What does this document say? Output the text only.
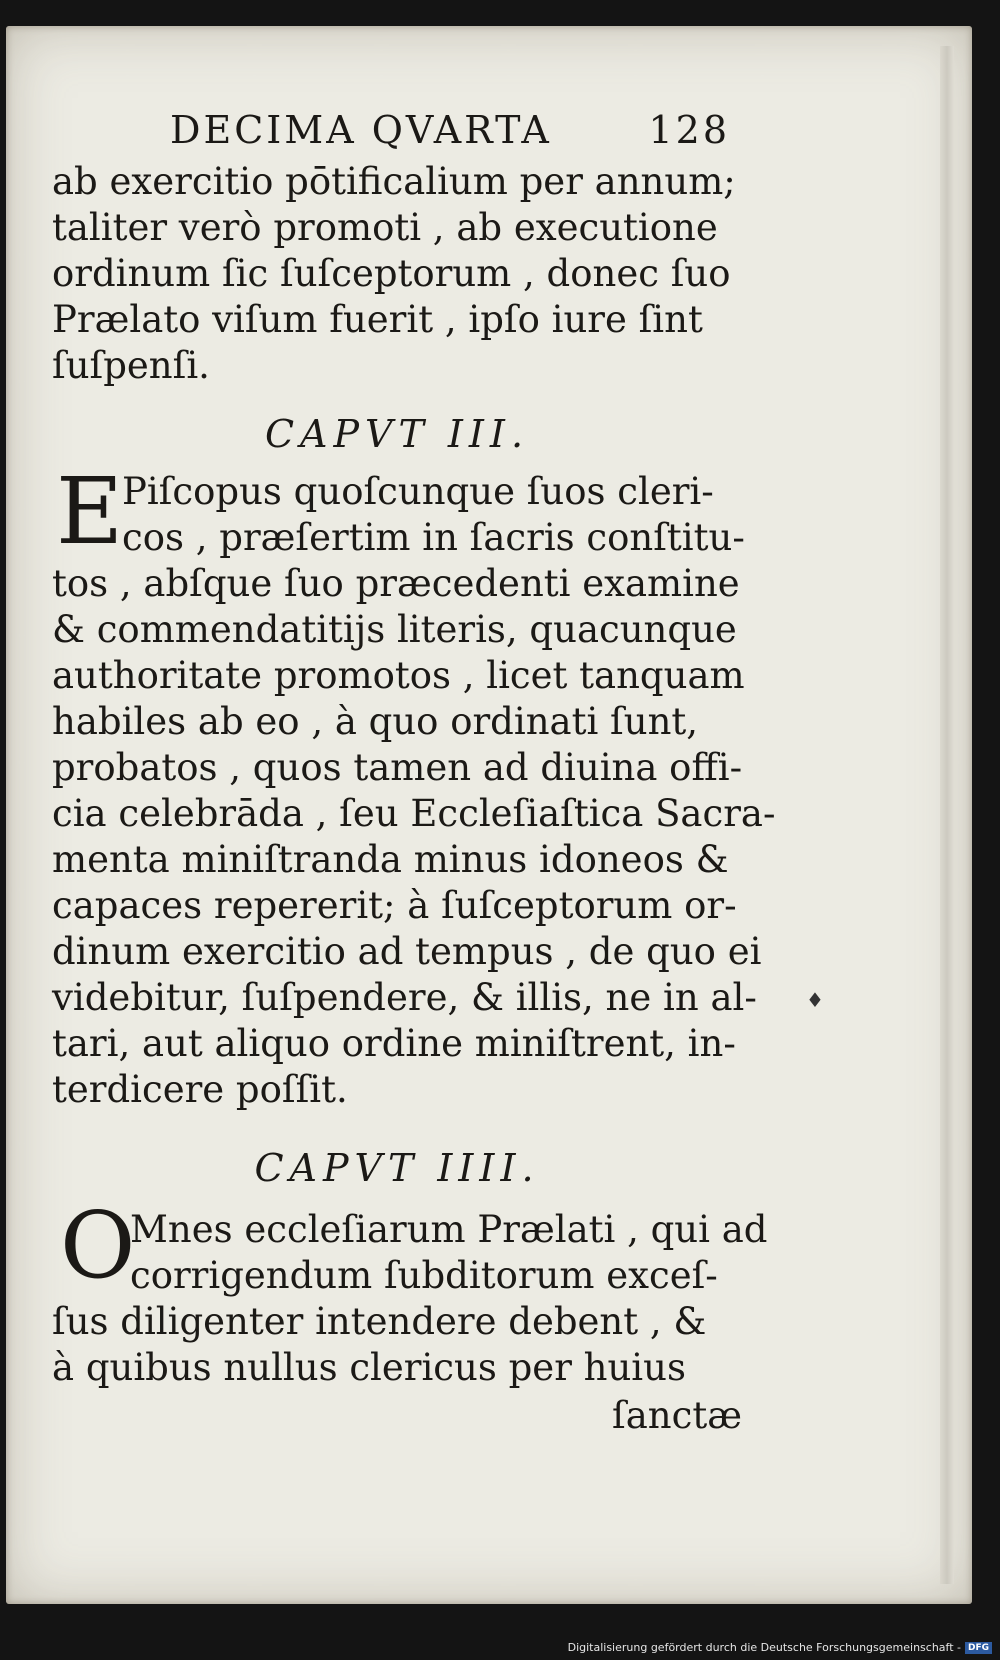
DECIMA QVARTA	128
ab exercitio pōtificalium per annum;
taliter verò promoti , ab executione
ordinum ſic ſuſceptorum , donec ſuo
Prælato viſum fuerit , ipſo iure ſint
ſuſpenſi.
CAPVT III.
E
Piſcopus quoſcunque ſuos cleri-
cos , præſertim in ſacris conſtitu-
tos , abſque ſuo præcedenti examine
& commendatitijs literis, quacunque
authoritate promotos , licet tanquam
habiles ab eo , à quo ordinati ſunt,
probatos , quos tamen ad diuina offi-
cia celebrāda , ſeu Eccleſiaſtica Sacra-
menta miniſtranda minus idoneos &
capaces repererit; à ſuſceptorum or-
dinum exercitio ad tempus , de quo ei
videbitur, ſuſpendere, & illis, ne in al-
tari, aut aliquo ordine miniſtrent, in-
terdicere poſſit.
♦
CAPVT IIII.
O
Mnes eccleſiarum Prælati , qui ad
corrigendum ſubditorum exceſ-
ſus diligenter intendere debent , &
à quibus nullus clericus per huius
ſanctæ
Digitalisierung gefördert durch die Deutsche Forschungsgemeinschaft - DFG
